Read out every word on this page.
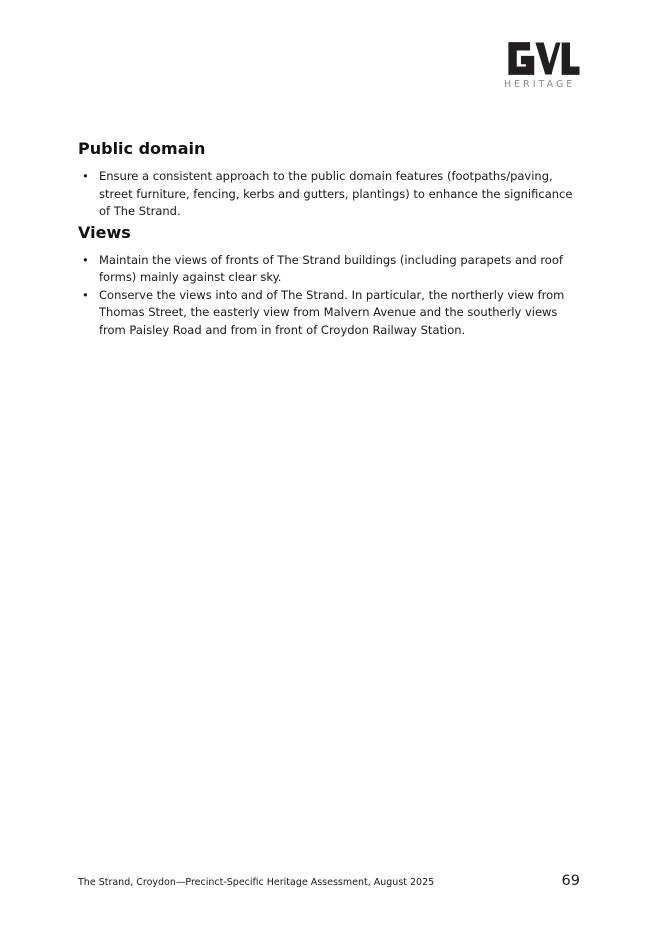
HERITAGE
Public domain
• Ensure a consistent approach to the public domain features (footpaths/paving, street furniture, fencing, kerbs and gutters, plantings) to enhance the significance of The Strand.
Views
• Maintain the views of fronts of The Strand buildings (including parapets and roof forms) mainly against clear sky.
• Conserve the views into and of The Strand. In particular, the northerly view from Thomas Street, the easterly view from Malvern Avenue and the southerly views from Paisley Road and from in front of Croydon Railway Station.
The Strand, Croydon—Precinct-Specific Heritage Assessment, August 2025	69
